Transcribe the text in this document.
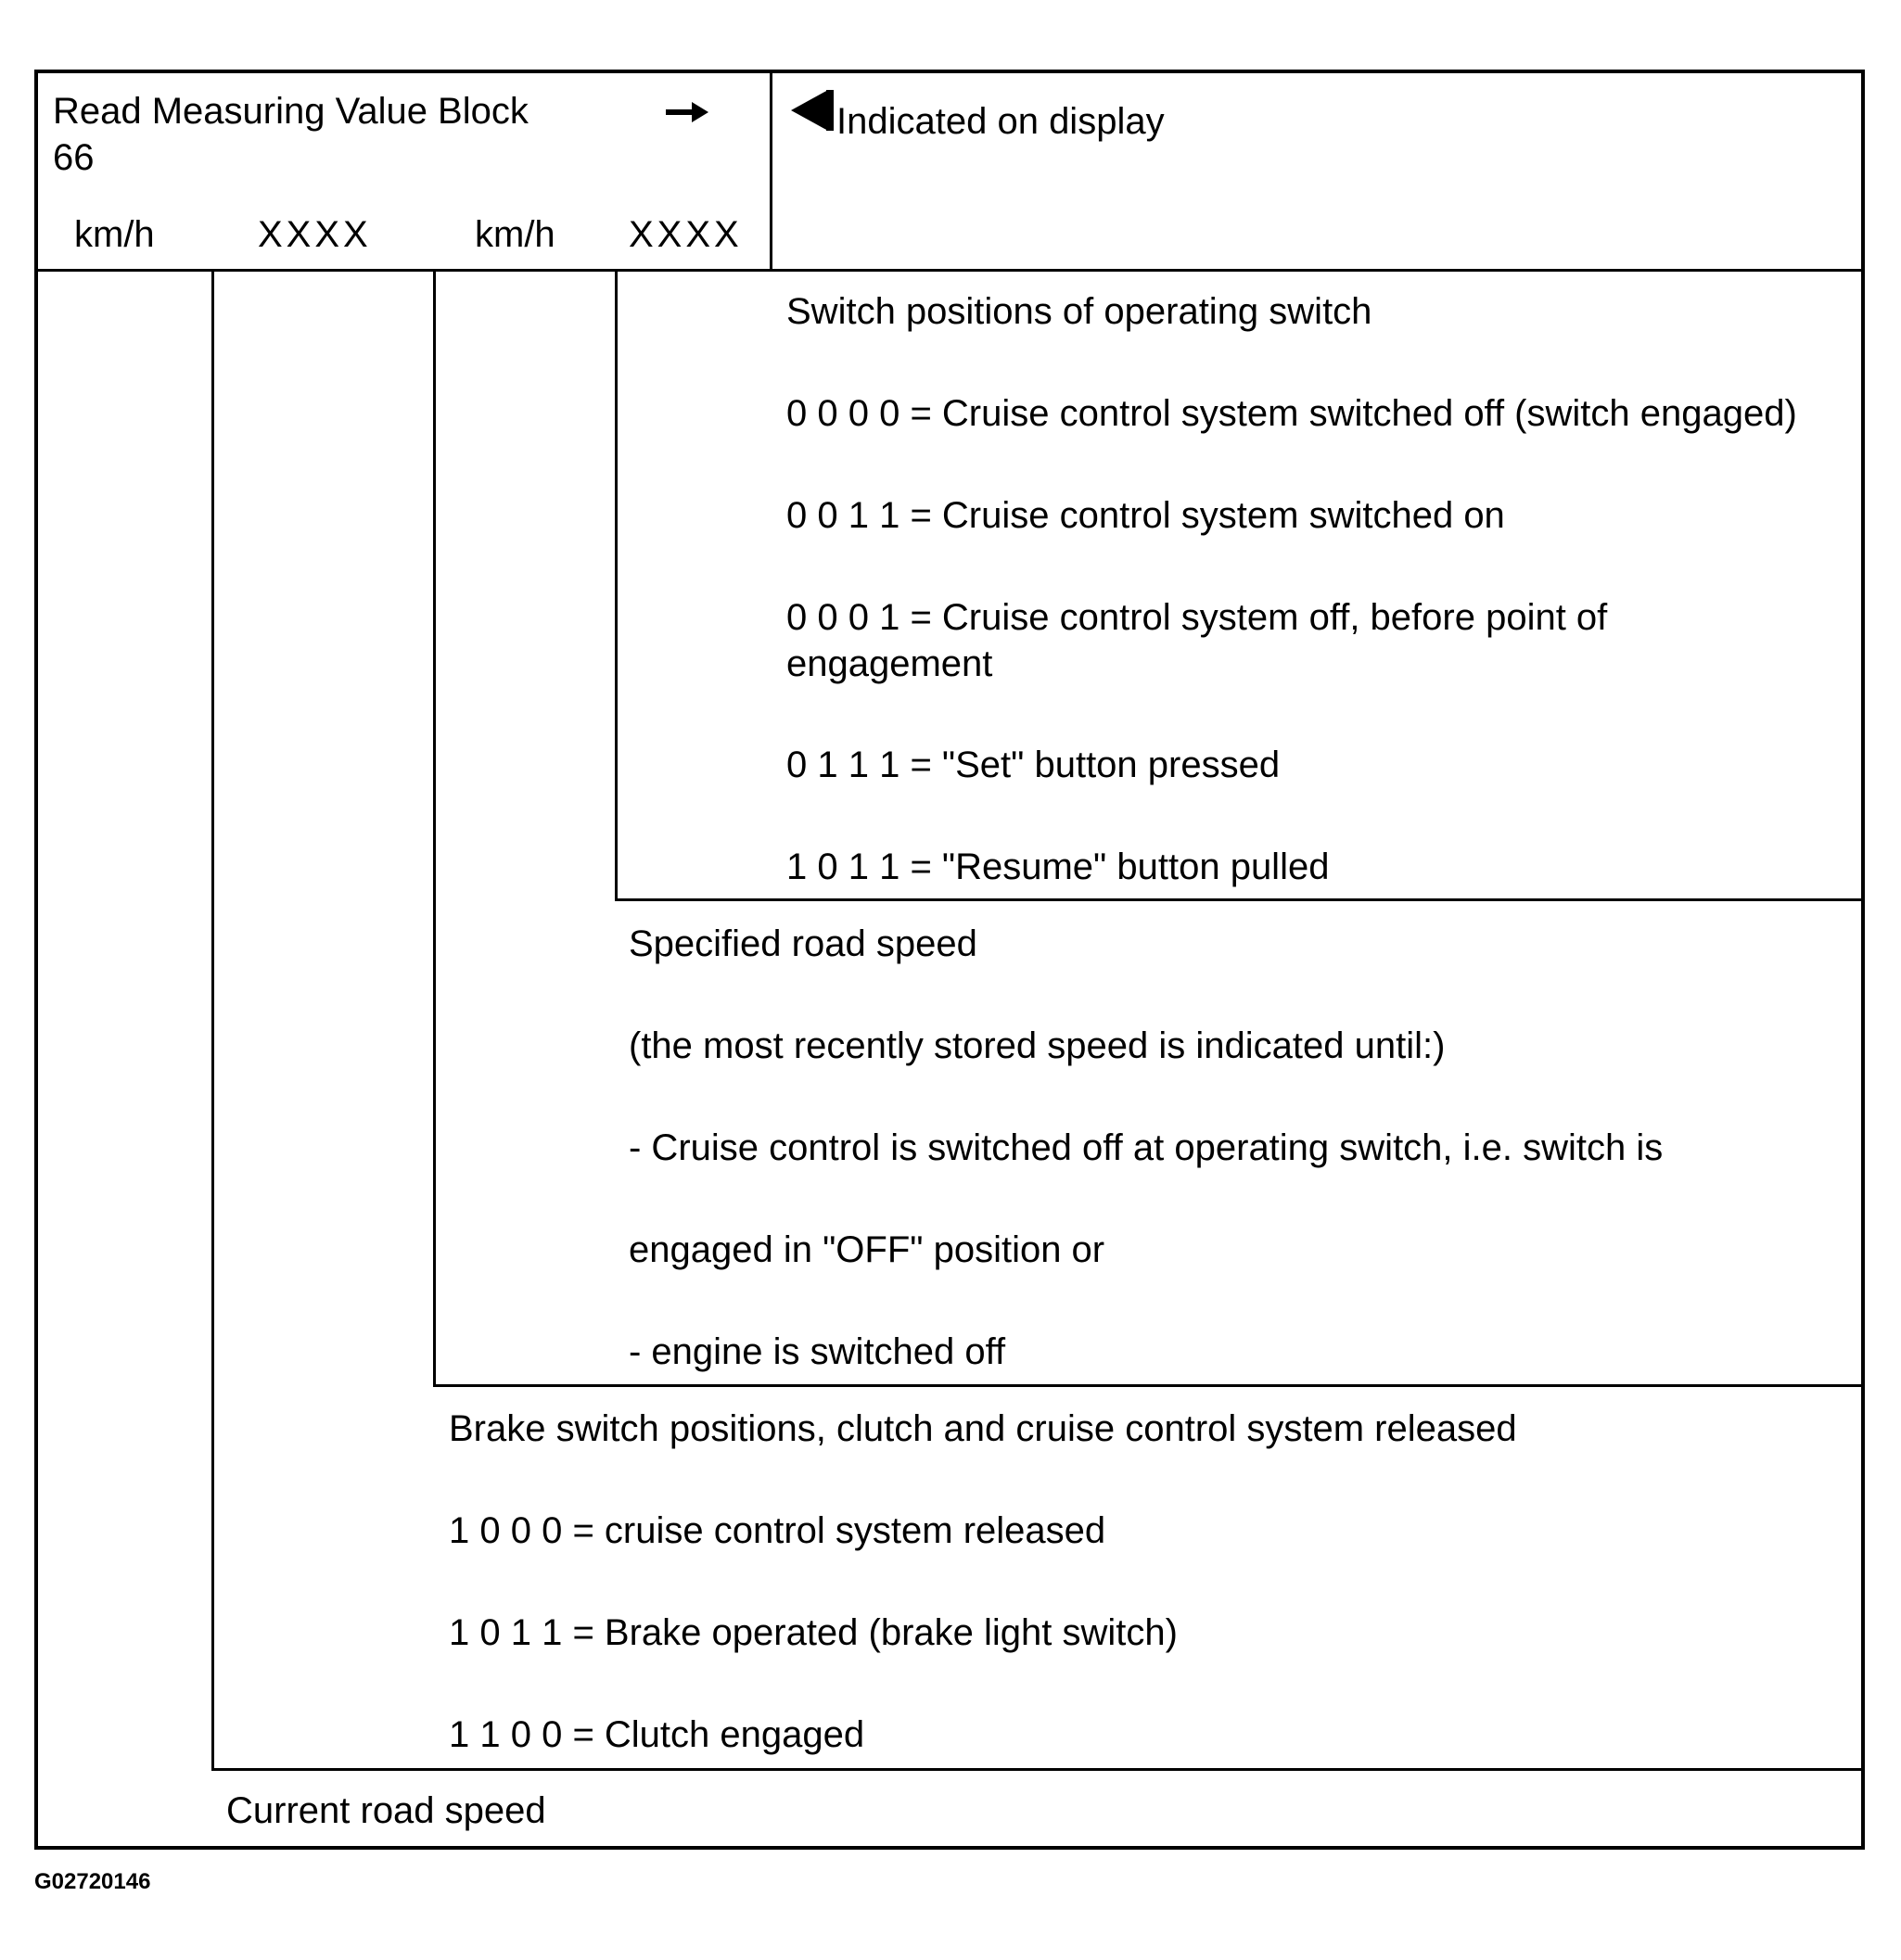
Read Measuring Value Block
66
Indicated on display
km/h	XXXX	km/h XXXX
Switch positions of operating switch
0 0 0 0 = Cruise control system switched off (switch engaged)
0 0 1 1 = Cruise control system switched on
0 0 0 1 = Cruise control system off, before point of engagement
0 1 1 1 = "Set" button pressed
1 0 1 1 = "Resume" button pulled
Specified road speed
(the most recently stored speed is indicated until:)
- Cruise control is switched off at operating switch, i.e. switch is
engaged in "OFF" position or
- engine is switched off
Brake switch positions, clutch and cruise control system released
1 0 0 0 = cruise control system released
1 0 1 1 = Brake operated (brake light switch)
1 1 0 0 = Clutch engaged
Current road speed
G02720146
